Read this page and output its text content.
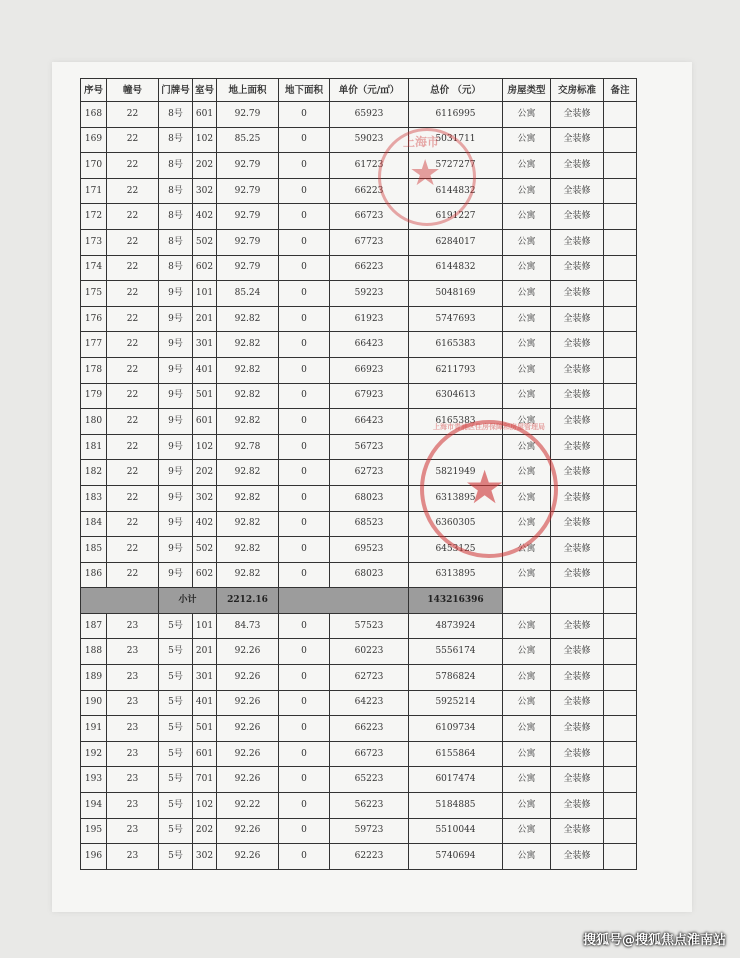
序号	幢号	门牌号	室号	地上面积	地下面积	单价（元/㎡）	总价 （元）	房屋类型	交房标准	备注
168	22	8号	601	92.79	0	65923	6116995	公寓	全装修	
169	22	8号	102	85.25	0	59023	5031711	公寓	全装修	
170	22	8号	202	92.79	0	61723	5727277	公寓	全装修	
171	22	8号	302	92.79	0	66223	6144832	公寓	全装修	
172	22	8号	402	92.79	0	66723	6191227	公寓	全装修	
173	22	8号	502	92.79	0	67723	6284017	公寓	全装修	
174	22	8号	602	92.79	0	66223	6144832	公寓	全装修	
175	22	9号	101	85.24	0	59223	5048169	公寓	全装修	
176	22	9号	201	92.82	0	61923	5747693	公寓	全装修	
177	22	9号	301	92.82	0	66423	6165383	公寓	全装修	
178	22	9号	401	92.82	0	66923	6211793	公寓	全装修	
179	22	9号	501	92.82	0	67923	6304613	公寓	全装修	
180	22	9号	601	92.82	0	66423	6165383	公寓	全装修	
181	22	9号	102	92.78	0	56723		公寓	全装修	
182	22	9号	202	92.82	0	62723	5821949	公寓	全装修	
183	22	9号	302	92.82	0	68023	6313895	公寓	全装修	
184	22	9号	402	92.82	0	68523	6360305	公寓	全装修	
185	22	9号	502	92.82	0	69523	6453125	公寓	全装修	
186	22	9号	602	92.82	0	68023	6313895	公寓	全装修	
		小计		2212.16			143216396			
187	23	5号	101	84.73	0	57523	4873924	公寓	全装修	
188	23	5号	201	92.26	0	60223	5556174	公寓	全装修	
189	23	5号	301	92.26	0	62723	5786824	公寓	全装修	
190	23	5号	401	92.26	0	64223	5925214	公寓	全装修	
191	23	5号	501	92.26	0	66223	6109734	公寓	全装修	
192	23	5号	601	92.26	0	66723	6155864	公寓	全装修	
193	23	5号	701	92.26	0	65223	6017474	公寓	全装修	
194	23	5号	102	92.22	0	56223	5184885	公寓	全装修	
195	23	5号	202	92.26	0	59723	5510044	公寓	全装修	
196	23	5号	302	92.26	0	62223	5740694	公寓	全装修	
★
上海市
★
上海市青浦区住房保障和房屋管理局
搜狐号@搜狐焦点淮南站
